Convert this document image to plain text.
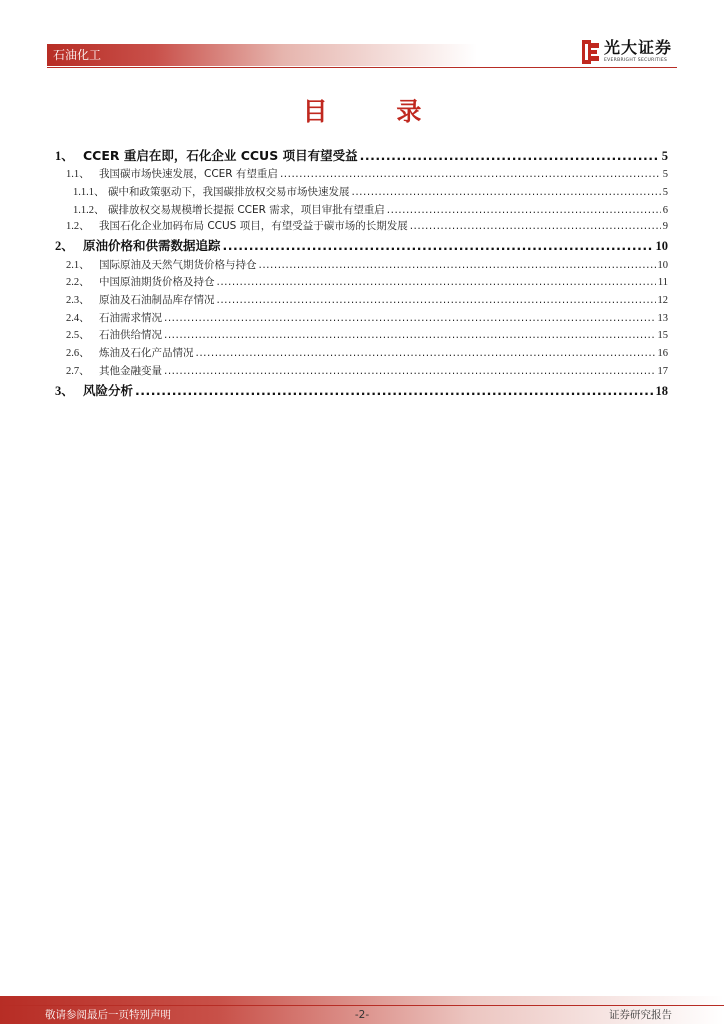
石油化工	光大证券
EVERBRIGHT SECURITIES
目 录
1、 CCER 重启在即，石化企业 CCUS 项目有望受益 .....	5
1.1、 我国碳市场快速发展，CCER 有望重启 .....	5
1.1.1、 碳中和政策驱动下，我国碳排放权交易市场快速发展 .....	5
1.1.2、 碳排放权交易规模增长提振 CCER 需求，项目审批有望重启 .....	6
1.2、 我国石化企业加码布局 CCUS 项目，有望受益于碳市场的长期发展 .....	9
2、 原油价格和供需数据追踪 .....	10
2.1、 国际原油及天然气期货价格与持仓 .....	10
2.2、 中国原油期货价格及持仓 .....	11
2.3、 原油及石油制品库存情况 .....	12
2.4、 石油需求情况 .....	13
2.5、 石油供给情况 .....	15
2.6、 炼油及石化产品情况 .....	16
2.7、 其他金融变量 .....	17
3、 风险分析 .....	18
敬请参阅最后一页特别声明	-2-	证券研究报告
